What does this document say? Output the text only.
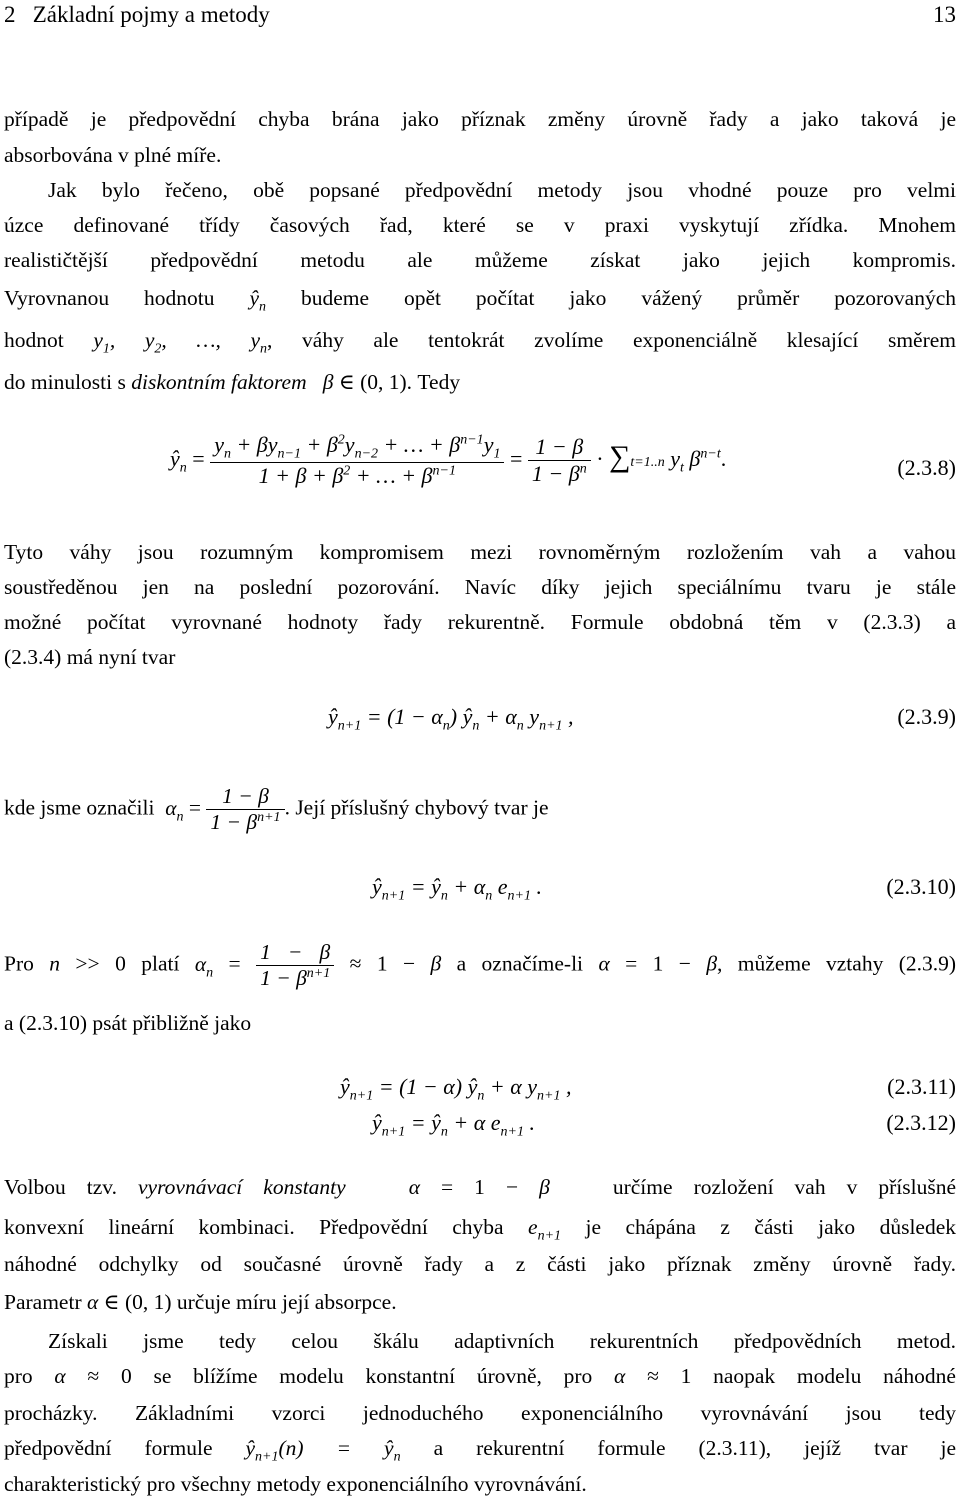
2   Základní pojmy a metody	13

případě je předpovědní chyba brána jako příznak změny úrovně řady a jako taková je

absorbována v plné míře.

Jak bylo řečeno, obě popsané předpovědní metody jsou vhodné pouze pro velmi

úzce definované třídy časových řad, které se v praxi vyskytují zřídka. Mnohem

realističtější předpovědní metodu ale můžeme získat jako jejich kompromis.

Vyrovnanou hodnotu $ŷ_n$ budeme opět počítat jako vážený průměr pozorovaných

hodnot $y_1$, $y_2$, …, $y_n$, váhy ale tentokrát zvolíme exponenciálně klesající směrem

do minulosti s diskontním faktorem β ∈ (0, 1). Tedy

$ŷ_n$ =
$y_n + \beta y_{n-1} + \beta^2y_{n-2}$ + … + $\beta^{n-1}y_1$
$1 + \beta + \beta^2$ + … + $\beta^{n-1}$
= $\frac{1 - \beta}{1 - \beta^n} \cdot \sum t=1..n$ $y_t$ $\beta^{n-t}$.	(2.3.8)

Tyto váhy jsou rozumným kompromisem mezi rovnoměrným rozložením vah a vahou

soustředěnou jen na poslední pozorování. Navíc díky jejich speciálnímu tvaru je stále

možné počítat vyrovnané hodnoty řady rekurentně. Formule obdobná těm v (2.3.3) a

(2.3.4) má nyní tvar

$ŷ_{n+1} = (1 - \alpha_n)$ $ŷ_n + \alpha_n$ $y_{n+1}$ ,	(2.3.9)

kde jsme označili $\alpha_n = \frac{1 - \beta}{1 - \beta^{n+1}}$ . Její příslušný chybový tvar je

$ŷ_{n+1}$ = $ŷ_n + \alpha_n$ $e_{n+1}$ .	(2.3.10)

Pro n >> 0 platí $\alpha_n = \frac{1 - \beta}{1 - \beta^{n+1}} \approx 1 - \beta$ a označíme-li α = 1 − β, můžeme vztahy (2.3.9)

a (2.3.10) psát přibližně jako

$ŷ_{n+1} = (1 - \alpha)$ $ŷ_n + \alpha$ $y_{n+1}$ ,	(2.3.11)
$ŷ_{n+1}$ = $ŷ_n + \alpha$ $e_{n+1}$ .	(2.3.12)

Volbou tzv. vyrovnávací konstanty	α = 1 − β	určíme rozložení vah v příslušné

konvexní lineární kombinaci. Předpovědní chyba $e_{n+1}$ je chápána z části jako důsledek

náhodné odchylky od současné úrovně řady a z části jako příznak změny úrovně řady.

Parametr α ∈ (0, 1) určuje míru její absorpce.

Získali jsme tedy celou škálu adaptivních rekurentních předpovědních metod.

pro α ≈ 0 se blížíme modelu konstantní úrovně, pro α ≈ 1 naopak modelu náhodné

procházky. Základními vzorci jednoduchého exponenciálního vyrovnávání jsou tedy

předpovědní formule $ŷ_{n+1}(n)$ = $ŷ_n$ a rekurentní formule (2.3.11), jejíž tvar je

charakteristický pro všechny metody exponenciálního vyrovnávání.
